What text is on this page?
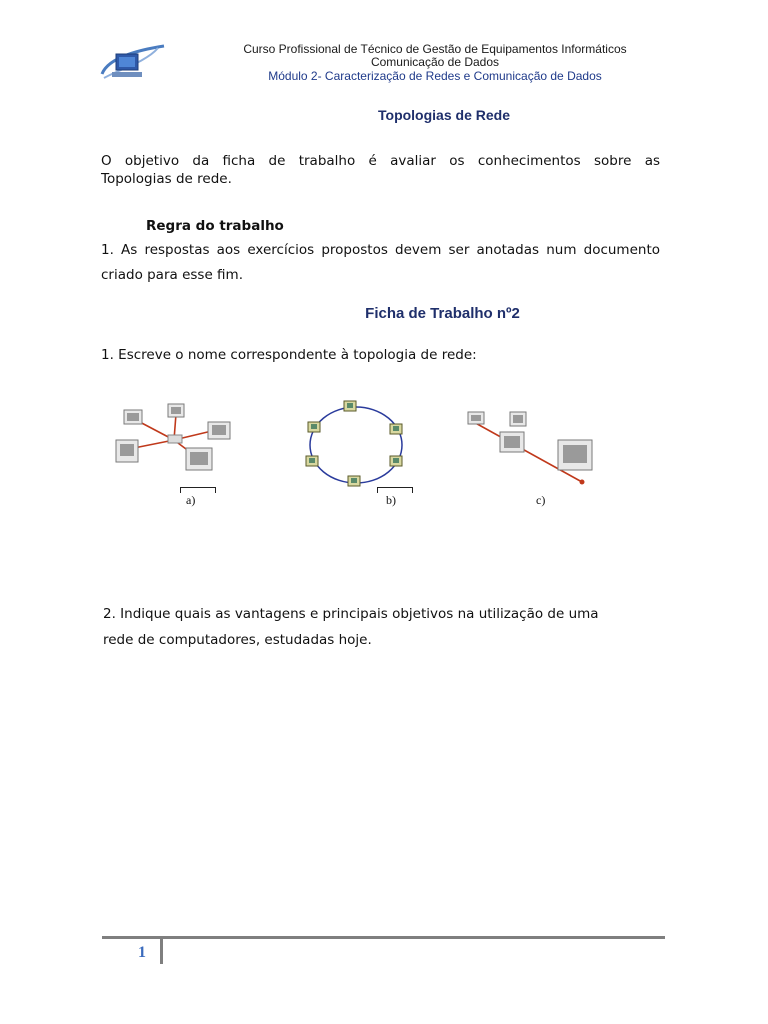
Curso Profissional de Técnico de Gestão de Equipamentos Informáticos
Comunicação de Dados
Módulo 2- Caracterização de Redes e Comunicação de Dados
Topologias de Rede
O objetivo da ficha de trabalho é avaliar os conhecimentos sobre as
Topologias de rede.
Regra do trabalho
1. As respostas aos exercícios propostos devem ser anotadas num documento
criado para esse fim.
Ficha de Trabalho nº2
1. Escreve o nome correspondente à topologia de rede:
a)	b)	c)
2. Indique quais as vantagens e principais objetivos na utilização de uma
rede de computadores, estudadas hoje.
1
